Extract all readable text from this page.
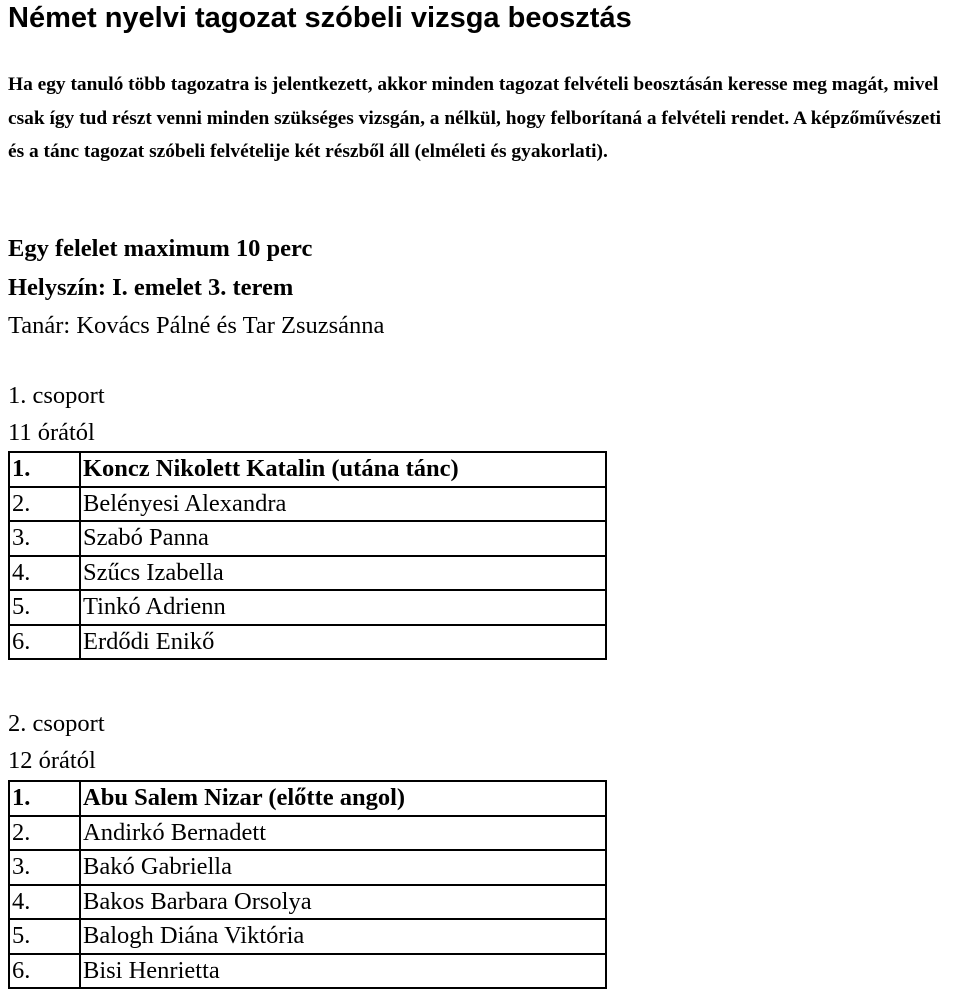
Német nyelvi tagozat szóbeli vizsga beosztás

Ha egy tanuló több tagozatra is jelentkezett, akkor minden tagozat felvételi beosztásán keresse meg magát, mivel csak így tud részt venni minden szükséges vizsgán, a nélkül, hogy felborítaná a felvételi rendet. A képzőművészeti és a tánc tagozat szóbeli felvételije két részből áll (elméleti és gyakorlati).

Egy felelet maximum 10 perc
Helyszín: I. emelet 3. terem
Tanár: Kovács Pálné és Tar Zsuzsánna
1. csoport
11 órától
1.	Koncz Nikolett Katalin (utána tánc)
2.	Belényesi Alexandra
3.	Szabó Panna
4.	Szűcs Izabella
5.	Tinkó Adrienn
6.	Erdődi Enikő
2. csoport
12 órától
1.	Abu Salem Nizar (előtte angol)
2.	Andirkó Bernadett
3.	Bakó Gabriella
4.	Bakos Barbara Orsolya
5.	Balogh Diána Viktória
6.	Bisi Henrietta
